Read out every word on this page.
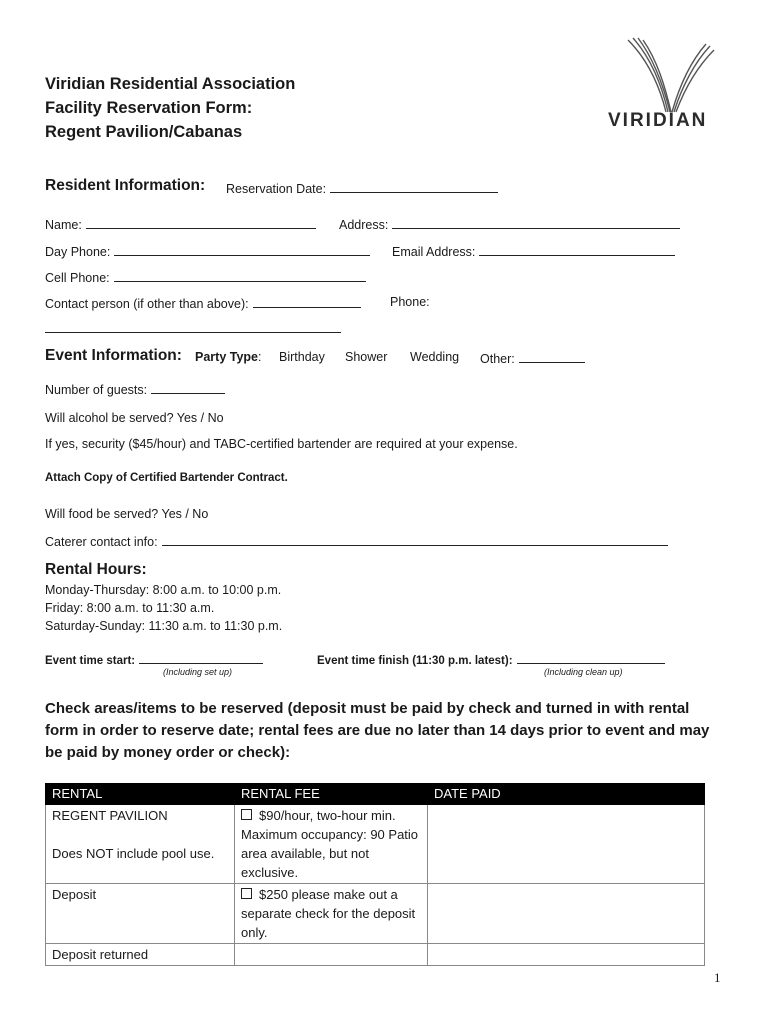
Viridian Residential Association
Facility Reservation Form:
Regent Pavilion/Cabanas
VIRIDIAN
Resident Information: Reservation Date:
Name:	Address:
Day Phone:	Email Address:
Cell Phone:
Contact person (if other than above):	Phone:
Event Information: Party Type: Birthday Shower Wedding Other:
Number of guests:
Will alcohol be served? Yes / No
If yes, security ($45/hour) and TABC-certified bartender are required at your expense.
Attach Copy of Certified Bartender Contract.
Will food be served? Yes / No
Caterer contact info:
Rental Hours:
Monday-Thursday: 8:00 a.m. to 10:00 p.m.
Friday: 8:00 a.m. to 11:30 a.m.
Saturday-Sunday: 11:30 a.m. to 11:30 p.m.
Event time start:
(Including set up)
Event time finish (11:30 p.m. latest):
(Including clean up)
Check areas/items to be reserved (deposit must be paid by check and turned in with rental form in order to reserve date; rental fees are due no later than 14 days prior to event and may be paid by money order or check):
RENTAL	RENTAL FEE	DATE PAID

REGENT PAVILION
Does NOT include pool use.	$90/hour, two-hour min. Maximum occupancy: 90 Patio area available, but not exclusive.	
Deposit	$250 please make out a separate check for the deposit only.	
Deposit returned		
1
